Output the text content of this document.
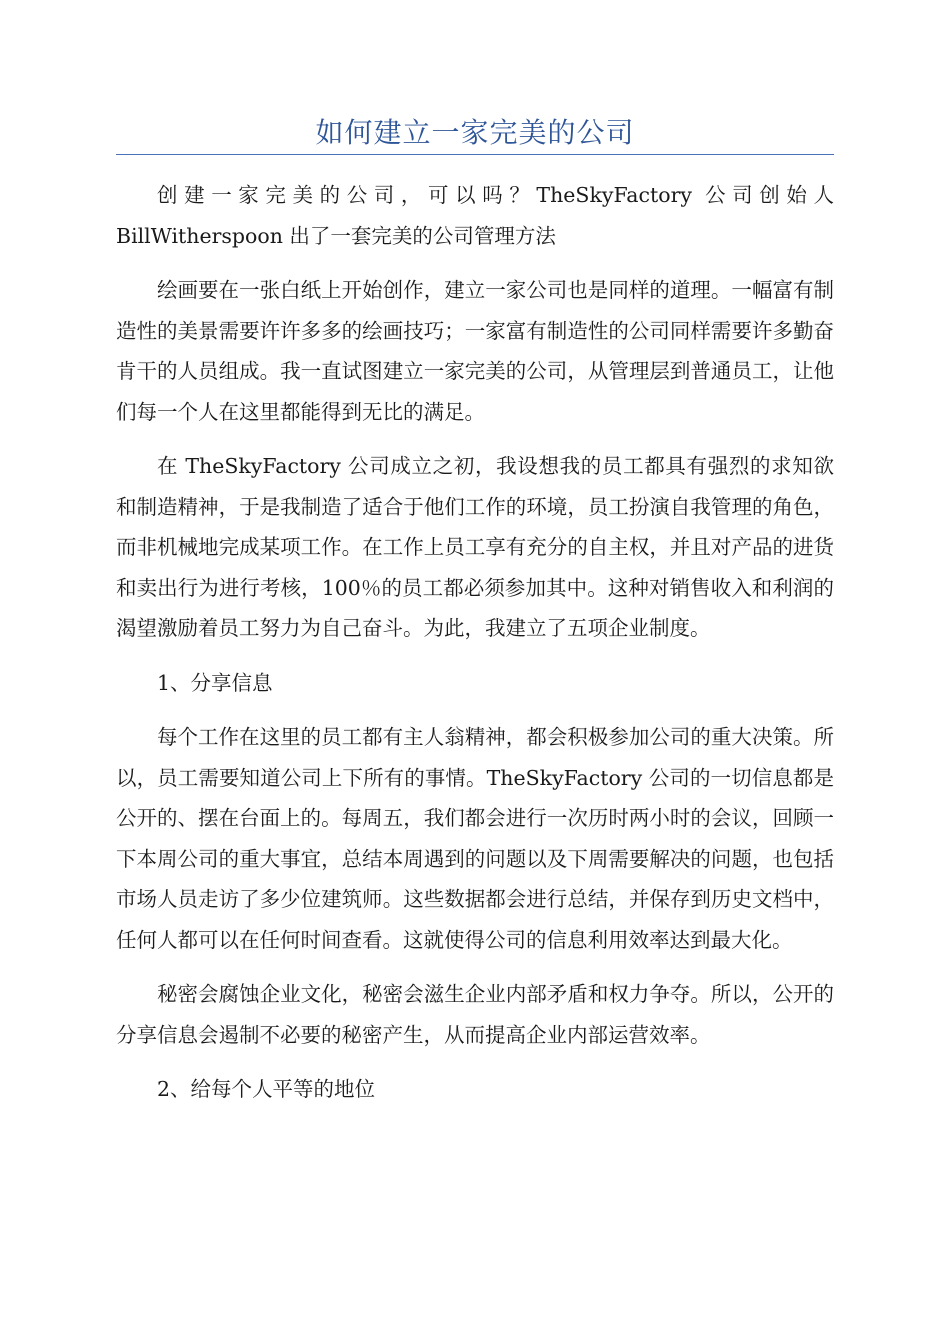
如何建立一家完美的公司

创建一家完美的公司，可以吗？TheSkyFactory 公司创始人 BillWitherspoon 出了一套完美的公司管理方法

绘画要在一张白纸上开始创作，建立一家公司也是同样的道理。一幅富有制造性的美景需要许许多多的绘画技巧；一家富有制造性的公司同样需要许多勤奋肯干的人员组成。我一直试图建立一家完美的公司，从管理层到普通员工，让他们每一个人在这里都能得到无比的满足。

在 TheSkyFactory 公司成立之初，我设想我的员工都具有强烈的求知欲和制造精神，于是我制造了适合于他们工作的环境，员工扮演自我管理的角色，而非机械地完成某项工作。在工作上员工享有充分的自主权，并且对产品的进货和卖出行为进行考核，100％的员工都必须参加其中。这种对销售收入和利润的渴望激励着员工努力为自己奋斗。为此，我建立了五项企业制度。

1、分享信息

每个工作在这里的员工都有主人翁精神，都会积极参加公司的重大决策。所以，员工需要知道公司上下所有的事情。TheSkyFactory 公司的一切信息都是公开的、摆在台面上的。每周五，我们都会进行一次历时两小时的会议，回顾一下本周公司的重大事宜，总结本周遇到的问题以及下周需要解决的问题，也包括市场人员走访了多少位建筑师。这些数据都会进行总结，并保存到历史文档中，任何人都可以在任何时间查看。这就使得公司的信息利用效率达到最大化。

秘密会腐蚀企业文化，秘密会滋生企业内部矛盾和权力争夺。所以，公开的分享信息会遏制不必要的秘密产生，从而提高企业内部运营效率。

2、给每个人平等的地位
